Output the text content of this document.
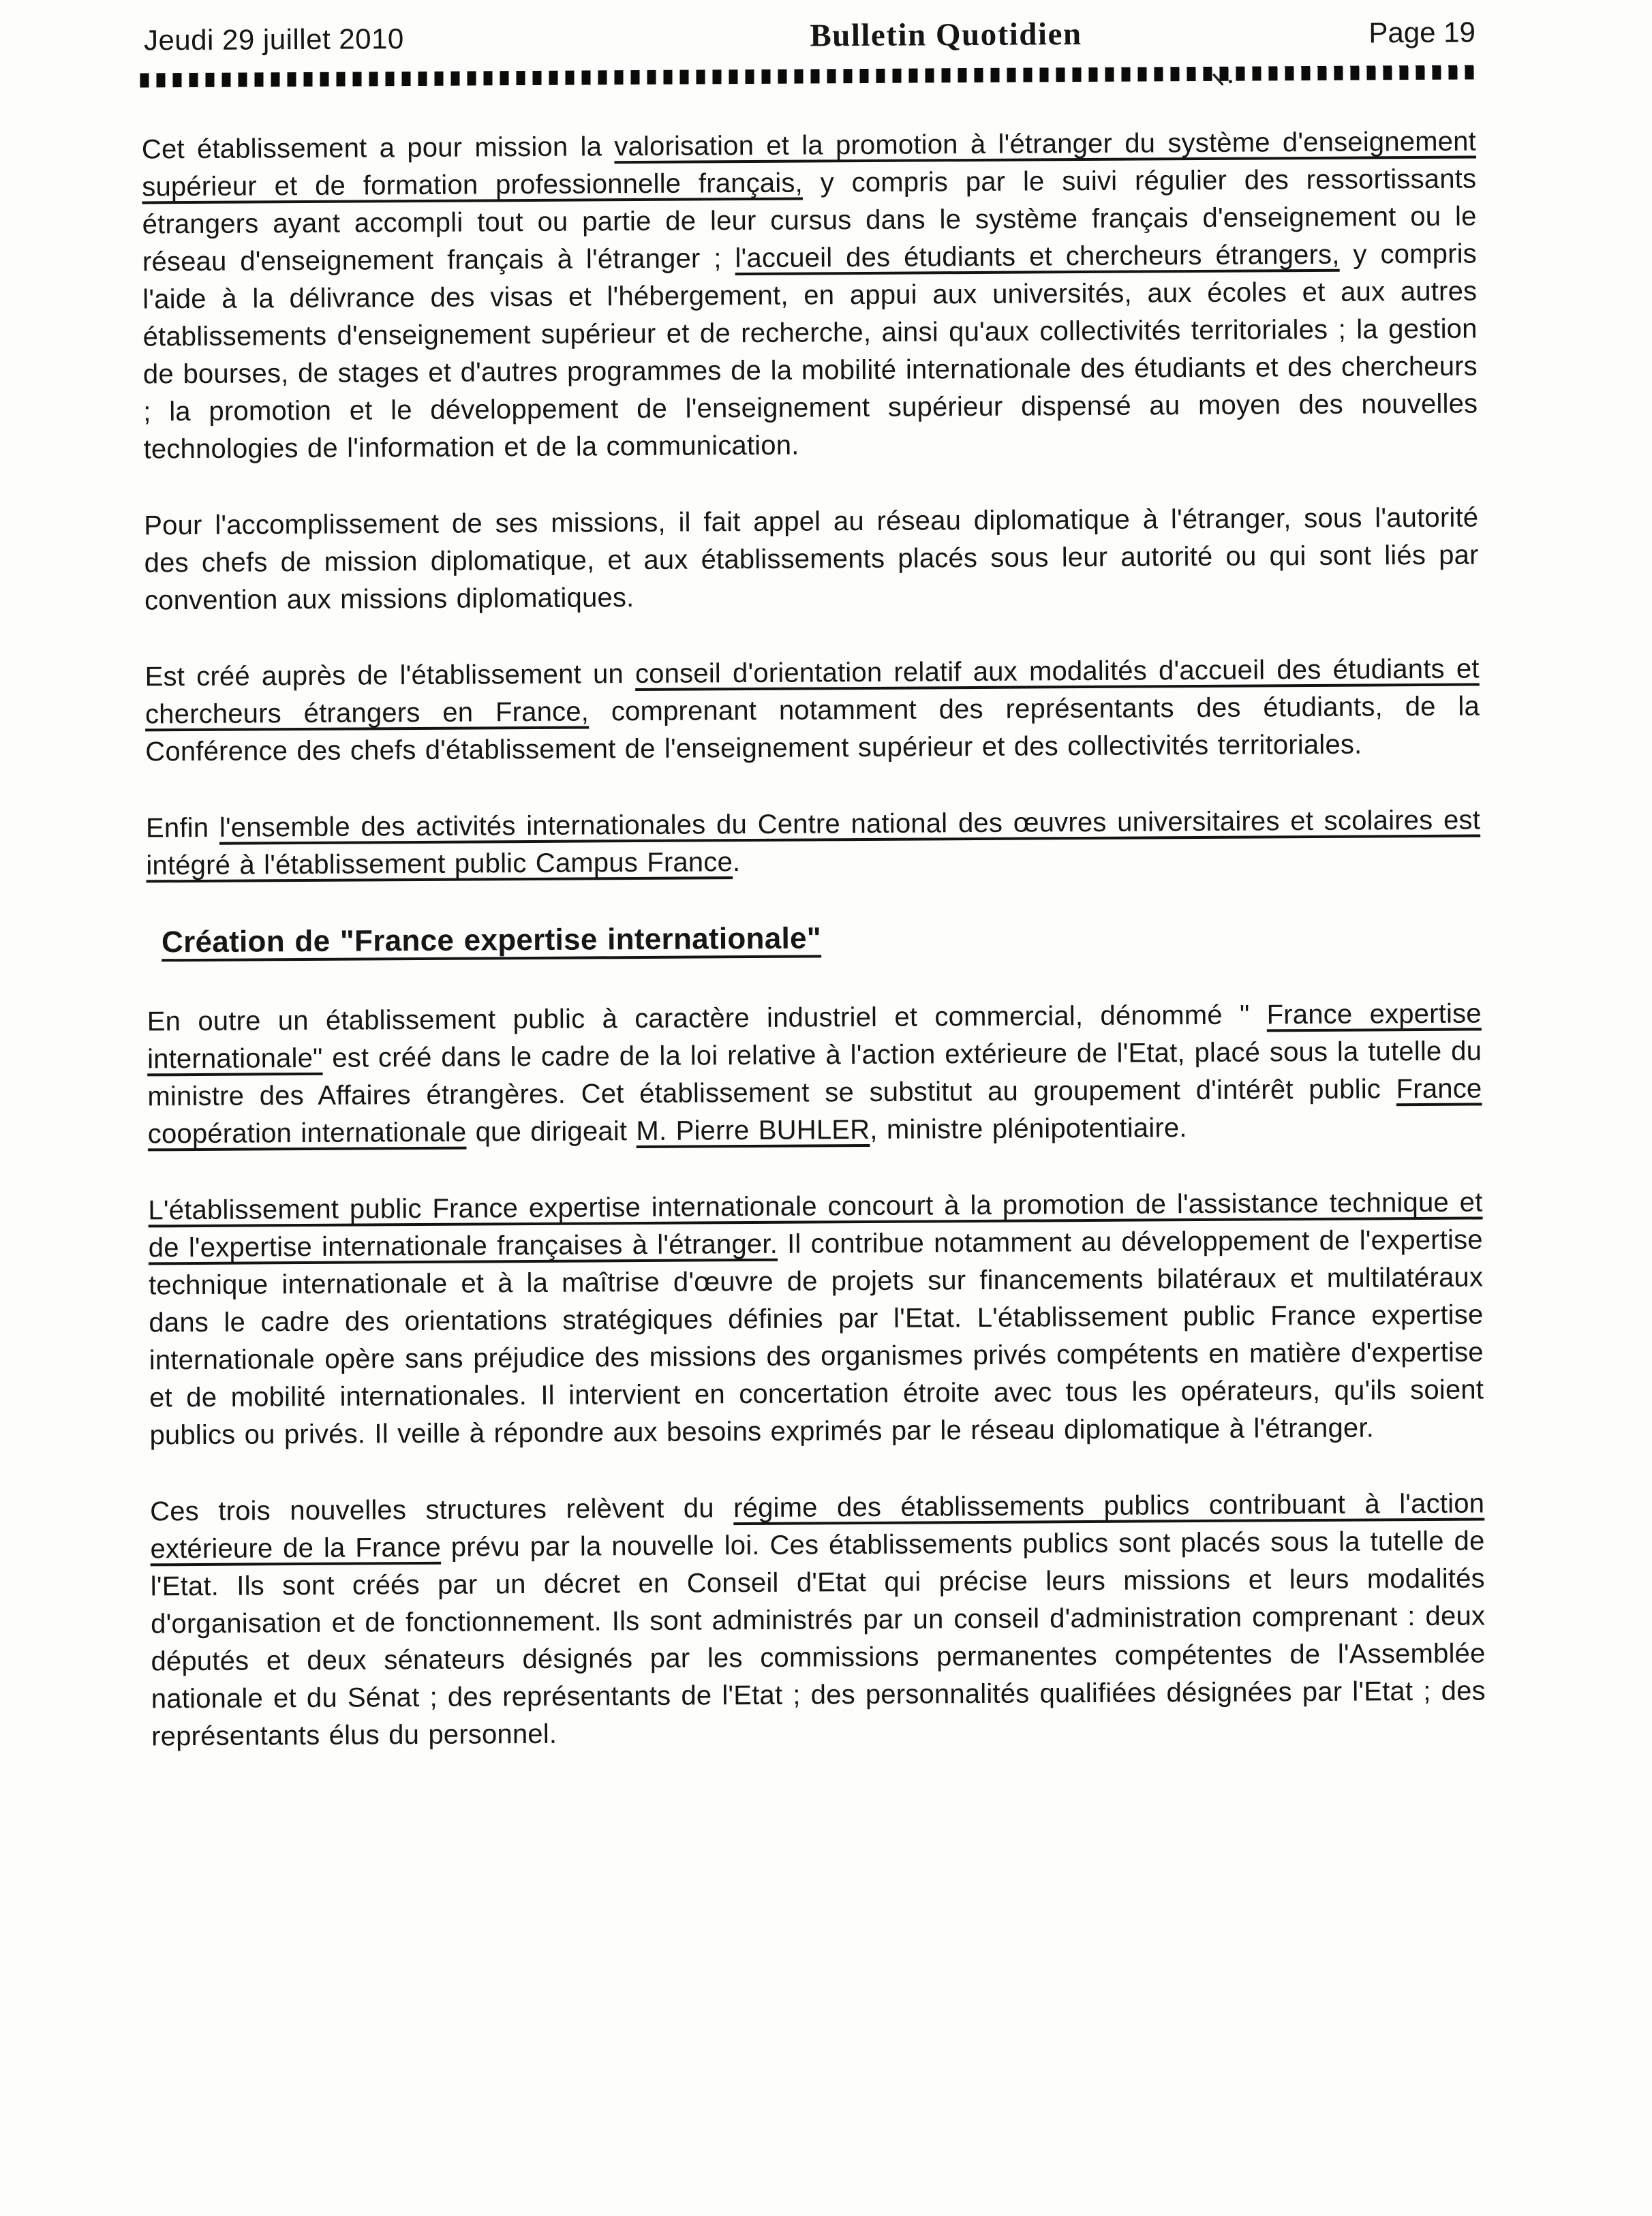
Jeudi 29 juillet 2010	Bulletin Quotidien	Page 19

Cet établissement a pour mission la valorisation et la promotion à l'étranger du système d'enseignement supérieur et de formation professionnelle français, y compris par le suivi régulier des ressortissants étrangers ayant accompli tout ou partie de leur cursus dans le système français d'enseignement ou le réseau d'enseignement français à l'étranger ; l'accueil des étudiants et chercheurs étrangers, y compris l'aide à la délivrance des visas et l'hébergement, en appui aux universités, aux écoles et aux autres établissements d'enseignement supérieur et de recherche, ainsi qu'aux collectivités territoriales ; la gestion de bourses, de stages et d'autres programmes de la mobilité internationale des étudiants et des chercheurs ; la promotion et le développement de l'enseignement supérieur dispensé au moyen des nouvelles technologies de l'information et de la communication.

Pour l'accomplissement de ses missions, il fait appel au réseau diplomatique à l'étranger, sous l'autorité des chefs de mission diplomatique, et aux établissements placés sous leur autorité ou qui sont liés par convention aux missions diplomatiques.

Est créé auprès de l'établissement un conseil d'orientation relatif aux modalités d'accueil des étudiants et chercheurs étrangers en France, comprenant notamment des représentants des étudiants, de la Conférence des chefs d'établissement de l'enseignement supérieur et des collectivités territoriales.

Enfin l'ensemble des activités internationales du Centre national des œuvres universitaires et scolaires est intégré à l'établissement public Campus France.

Création de "France expertise internationale"

En outre un établissement public à caractère industriel et commercial, dénommé " France expertise internationale" est créé dans le cadre de la loi relative à l'action extérieure de l'Etat, placé sous la tutelle du ministre des Affaires étrangères. Cet établissement se substitut au groupement d'intérêt public France coopération internationale que dirigeait M. Pierre BUHLER, ministre plénipotentiaire.

L'établissement public France expertise internationale concourt à la promotion de l'assistance technique et de l'expertise internationale françaises à l'étranger. Il contribue notamment au développement de l'expertise technique internationale et à la maîtrise d'œuvre de projets sur financements bilatéraux et multilatéraux dans le cadre des orientations stratégiques définies par l'Etat. L'établissement public France expertise internationale opère sans préjudice des missions des organismes privés compétents en matière d'expertise et de mobilité internationales. Il intervient en concertation étroite avec tous les opérateurs, qu'ils soient publics ou privés. Il veille à répondre aux besoins exprimés par le réseau diplomatique à l'étranger.

Ces trois nouvelles structures relèvent du régime des établissements publics contribuant à l'action extérieure de la France prévu par la nouvelle loi. Ces établissements publics sont placés sous la tutelle de l'Etat. Ils sont créés par un décret en Conseil d'Etat qui précise leurs missions et leurs modalités d'organisation et de fonctionnement. Ils sont administrés par un conseil d'administration comprenant : deux députés et deux sénateurs désignés par les commissions permanentes compétentes de l'Assemblée nationale et du Sénat ; des représentants de l'Etat ; des personnalités qualifiées désignées par l'Etat ; des représentants élus du personnel.
